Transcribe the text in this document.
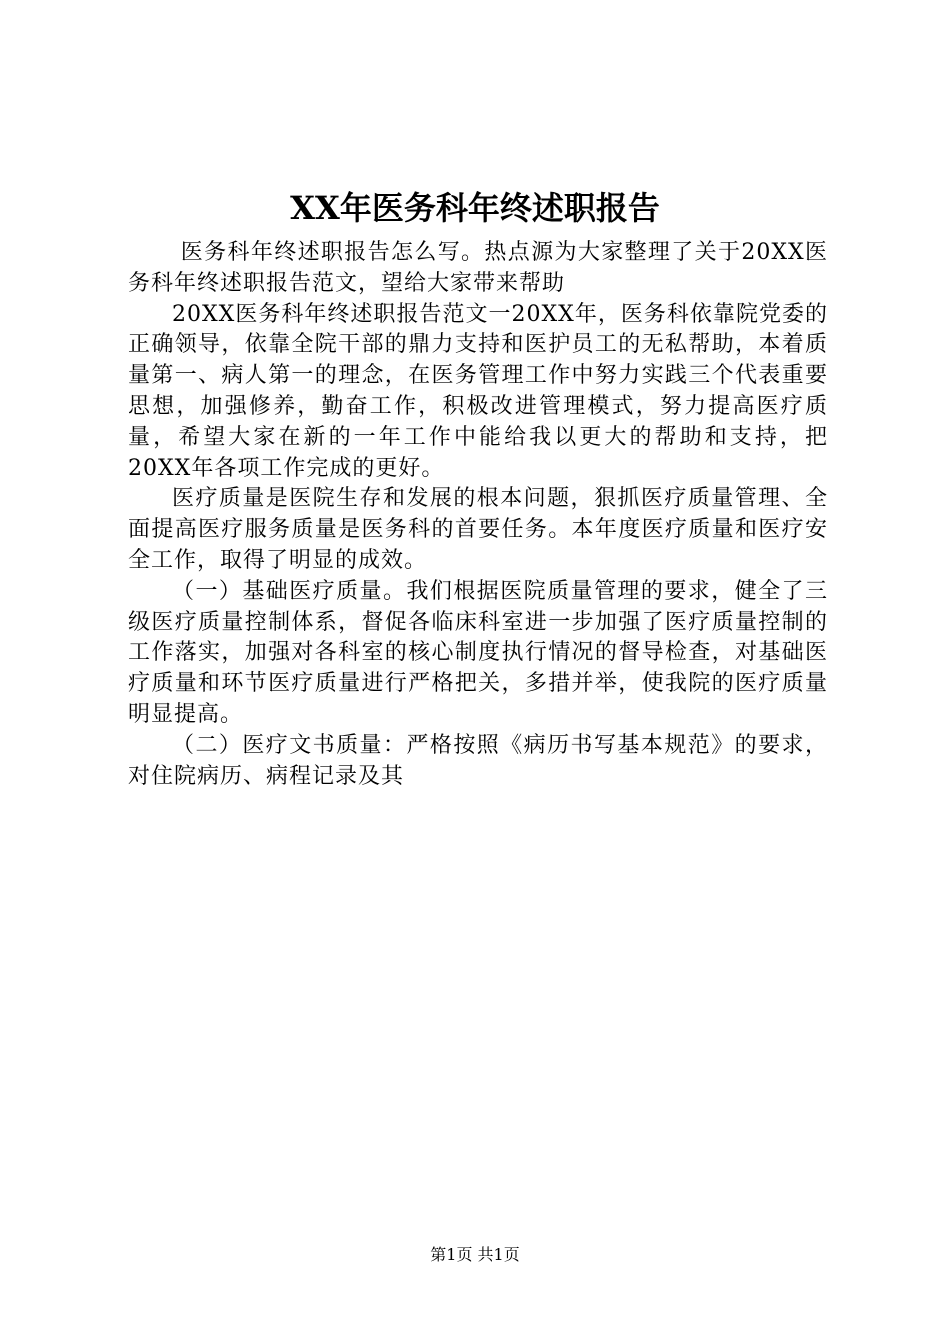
XX年医务科年终述职报告

医务科年终述职报告怎么写。热点源为大家整理了关于20XX医务科年终述职报告范文，望给大家带来帮助

20XX医务科年终述职报告范文一20XX年，医务科依靠院党委的正确领导，依靠全院干部的鼎力支持和医护员工的无私帮助，本着质量第一、病人第一的理念，在医务管理工作中努力实践三个代表重要思想，加强修养，勤奋工作，积极改进管理模式，努力提高医疗质量，希望大家在新的一年工作中能给我以更大的帮助和支持，把20XX年各项工作完成的更好。

医疗质量是医院生存和发展的根本问题，狠抓医疗质量管理、全面提高医疗服务质量是医务科的首要任务。本年度医疗质量和医疗安全工作，取得了明显的成效。

（一）基础医疗质量。我们根据医院质量管理的要求，健全了三级医疗质量控制体系，督促各临床科室进一步加强了医疗质量控制的工作落实，加强对各科室的核心制度执行情况的督导检查，对基础医疗质量和环节医疗质量进行严格把关，多措并举，使我院的医疗质量明显提高。

（二）医疗文书质量：严格按照《病历书写基本规范》的要求，对住院病历、病程记录及其

第1页 共1页
